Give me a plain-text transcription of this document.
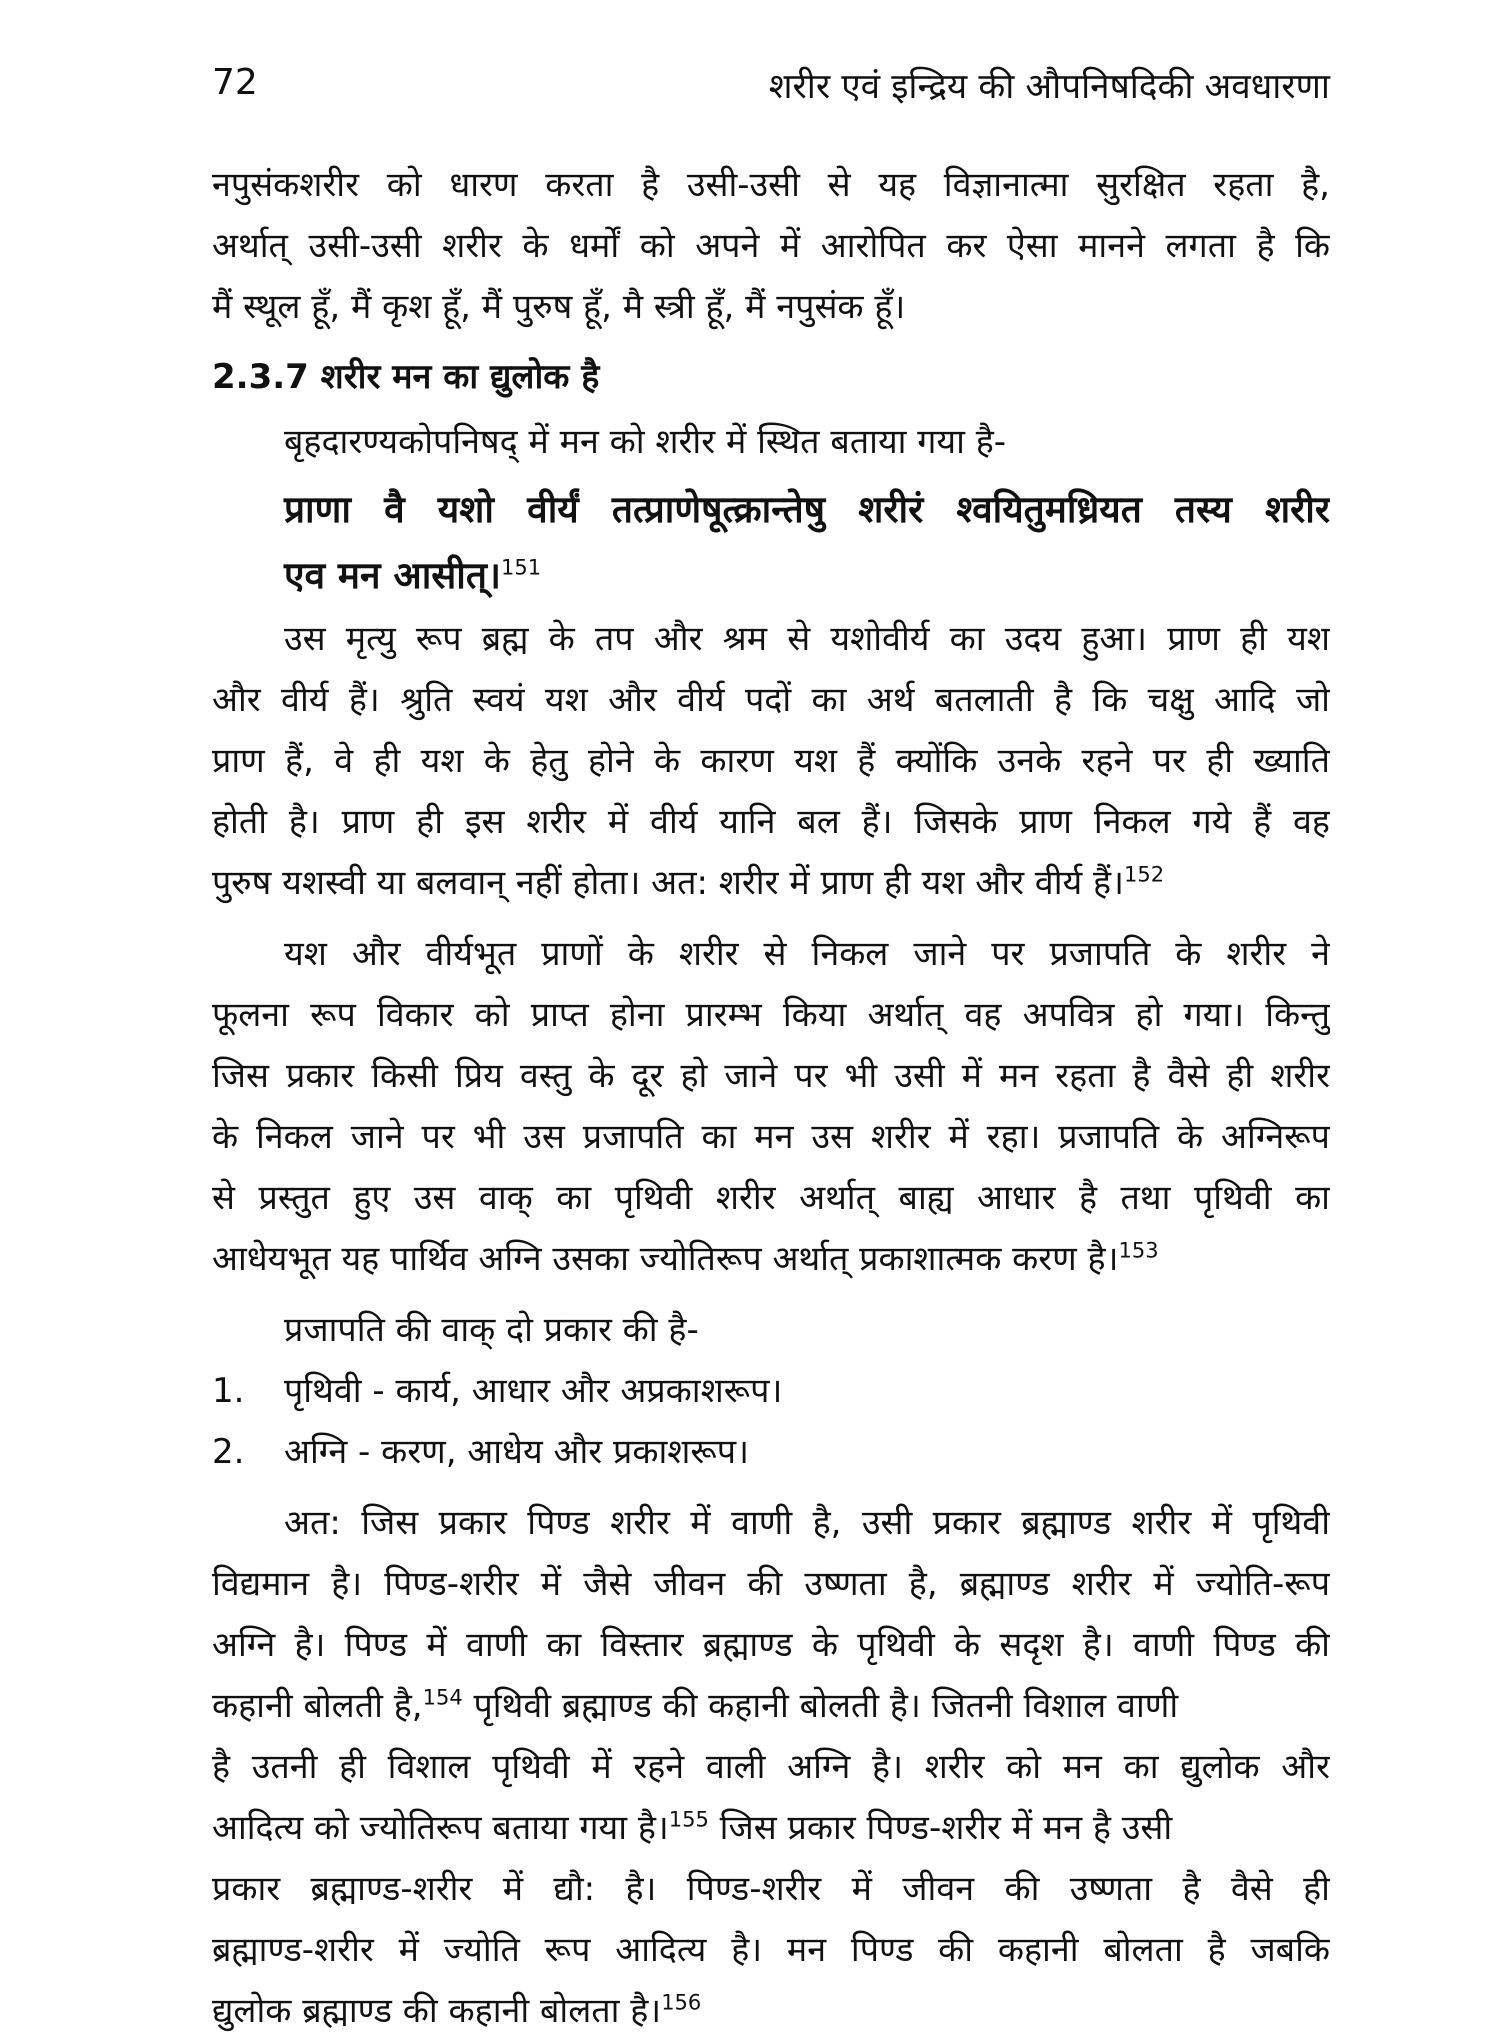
72	शरीर एवं इन्द्रिय की औपनिषदिकी अवधारणा
नपुसंकशरीर को धारण करता है उसी-उसी से यह विज्ञानात्मा सुरक्षित रहता है,
अर्थात् उसी-उसी शरीर के धर्मों को अपने में आरोपित कर ऐसा मानने लगता है कि
मैं स्थूल हूँ, मैं कृश हूँ, मैं पुरुष हूँ, मै स्त्री हूँ, मैं नपुसंक हूँ।
2.3.7 शरीर मन का द्युलोक है
बृहदारण्यकोपनिषद् में मन को शरीर में स्थित बताया गया है-
प्राणा वै यशो वीर्यं तत्प्राणेषूत्क्रान्तेषु शरीरं श्वयितुमध्रियत तस्य शरीर
एव मन आसीत्।$^{151}$
उस मृत्यु रूप ब्रह्म के तप और श्रम से यशोवीर्य का उदय हुआ। प्राण ही यश
और वीर्य हैं। श्रुति स्वयं यश और वीर्य पदों का अर्थ बतलाती है कि चक्षु आदि जो
प्राण हैं, वे ही यश के हेतु होने के कारण यश हैं क्योंकि उनके रहने पर ही ख्याति
होती है। प्राण ही इस शरीर में वीर्य यानि बल हैं। जिसके प्राण निकल गये हैं वह
पुरुष यशस्वी या बलवान् नहीं होता। अत: शरीर में प्राण ही यश और वीर्य हैं।$^{152}$
यश और वीर्यभूत प्राणों के शरीर से निकल जाने पर प्रजापति के शरीर ने
फूलना रूप विकार को प्राप्त होना प्रारम्भ किया अर्थात् वह अपवित्र हो गया। किन्तु
जिस प्रकार किसी प्रिय वस्तु के दूर हो जाने पर भी उसी में मन रहता है वैसे ही शरीर
के निकल जाने पर भी उस प्रजापति का मन उस शरीर में रहा। प्रजापति के अग्निरूप
से प्रस्तुत हुए उस वाक् का पृथिवी शरीर अर्थात् बाह्य आधार है तथा पृथिवी का
आधेयभूत यह पार्थिव अग्नि उसका ज्योतिरूप अर्थात् प्रकाशात्मक करण है।$^{153}$
प्रजापति की वाक् दो प्रकार की है-
1. पृथिवी - कार्य, आधार और अप्रकाशरूप।
2. अग्नि - करण, आधेय और प्रकाशरूप।
अत: जिस प्रकार पिण्ड शरीर में वाणी है, उसी प्रकार ब्रह्माण्ड शरीर में पृथिवी
विद्यमान है। पिण्ड-शरीर में जैसे जीवन की उष्णता है, ब्रह्माण्ड शरीर में ज्योति-रूप
अग्नि है। पिण्ड में वाणी का विस्तार ब्रह्माण्ड के पृथिवी के सदृश है। वाणी पिण्ड की
कहानी बोलती है,$^{154}$ पृथिवी ब्रह्माण्ड की कहानी बोलती है। जितनी विशाल वाणी
है उतनी ही विशाल पृथिवी में रहने वाली अग्नि है। शरीर को मन का द्युलोक और
आदित्य को ज्योतिरूप बताया गया है।$^{155}$ जिस प्रकार पिण्ड-शरीर में मन है उसी
प्रकार ब्रह्माण्ड-शरीर में द्यौ: है। पिण्ड-शरीर में जीवन की उष्णता है वैसे ही
ब्रह्माण्ड-शरीर में ज्योति रूप आदित्य है। मन पिण्ड की कहानी बोलता है जबकि
द्युलोक ब्रह्माण्ड की कहानी बोलता है।$^{156}$
